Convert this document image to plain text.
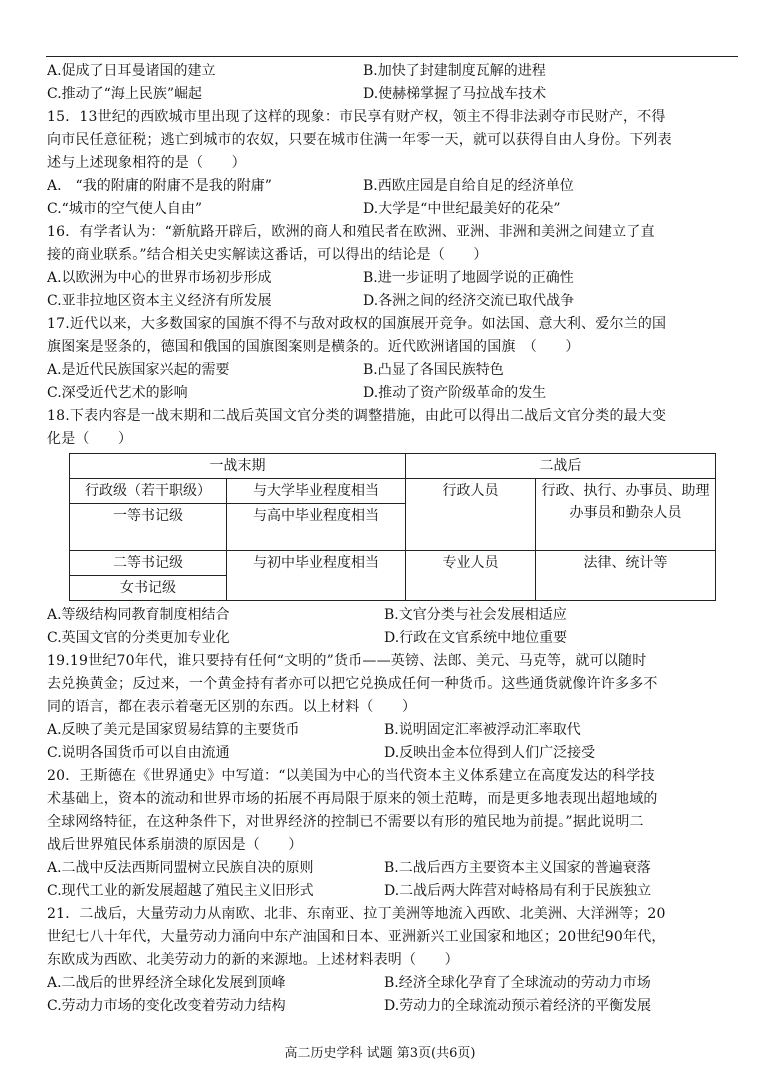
A.促成了日耳曼诸国的建立	B.加快了封建制度瓦解的进程
C.推动了“海上民族”崛起	D.使赫梯掌握了马拉战车技术
15．13世纪的西欧城市里出现了这样的现象：市民享有财产权，领主不得非法剥夺市民财产，不得
向市民任意征税；逃亡到城市的农奴，只要在城市住满一年零一天，就可以获得自由人身份。下列表
述与上述现象相符的是（　　）
A.　“我的附庸的附庸不是我的附庸”	B.西欧庄园是自给自足的经济单位
C.“城市的空气使人自由”	D.大学是“中世纪最美好的花朵”
16．有学者认为：“新航路开辟后，欧洲的商人和殖民者在欧洲、亚洲、非洲和美洲之间建立了直
接的商业联系。”结合相关史实解读这番话，可以得出的结论是（　　）
A.以欧洲为中心的世界市场初步形成	B.进一步证明了地圆学说的正确性
C.亚非拉地区资本主义经济有所发展	D.各洲之间的经济交流已取代战争
17.近代以来，大多数国家的国旗不得不与敌对政权的国旗展开竞争。如法国、意大利、爱尔兰的国
旗图案是竖条的，德国和俄国的国旗图案则是横条的。近代欧洲诸国的国旗　（　　）
A.是近代民族国家兴起的需要	B.凸显了各国民族特色
C.深受近代艺术的影响	D.推动了资产阶级革命的发生
18.下表内容是一战末期和二战后英国文官分类的调整措施，由此可以得出二战后文官分类的最大变
化是（　　）
一战末期		二战后	
行政级（若干职级）	与大学毕业程度相当	行政人员	行政、执行、办事员、助理办事员和勤杂人员
一等书记级	与高中毕业程度相当		
二等书记级	与初中毕业程度相当	专业人员	法律、统计等
女书记级			
A.等级结构同教育制度相结合	B.文官分类与社会发展相适应
C.英国文官的分类更加专业化	D.行政在文官系统中地位重要
19.19世纪70年代，谁只要持有任何“文明的”货币——英镑、法郎、美元、马克等，就可以随时
去兑换黄金；反过来，一个黄金持有者亦可以把它兑换成任何一种货币。这些通货就像许许多多不
同的语言，都在表示着毫无区别的东西。以上材料（　　）
A.反映了美元是国家贸易结算的主要货币	B.说明固定汇率被浮动汇率取代
C.说明各国货币可以自由流通	D.反映出金本位得到人们广泛接受
20．王斯德在《世界通史》中写道：“以美国为中心的当代资本主义体系建立在高度发达的科学技
术基础上，资本的流动和世界市场的拓展不再局限于原来的领土范畴，而是更多地表现出超地域的
全球网络特征，在这种条件下，对世界经济的控制已不需要以有形的殖民地为前提。”据此说明二
战后世界殖民体系崩溃的原因是（　　）
A.二战中反法西斯同盟树立民族自决的原则	B.二战后西方主要资本主义国家的普遍衰落
C.现代工业的新发展超越了殖民主义旧形式	D.二战后两大阵营对峙格局有利于民族独立
21．二战后，大量劳动力从南欧、北非、东南亚、拉丁美洲等地流入西欧、北美洲、大洋洲等；20
世纪七八十年代，大量劳动力涌向中东产油国和日本、亚洲新兴工业国家和地区；20世纪90年代，
东欧成为西欧、北美劳动力的新的来源地。上述材料表明（　　）
A.二战后的世界经济全球化发展到顶峰	B.经济全球化孕育了全球流动的劳动力市场
C.劳动力市场的变化改变着劳动力结构	D.劳动力的全球流动预示着经济的平衡发展
高二历史学科 试题 第3页(共6页)
